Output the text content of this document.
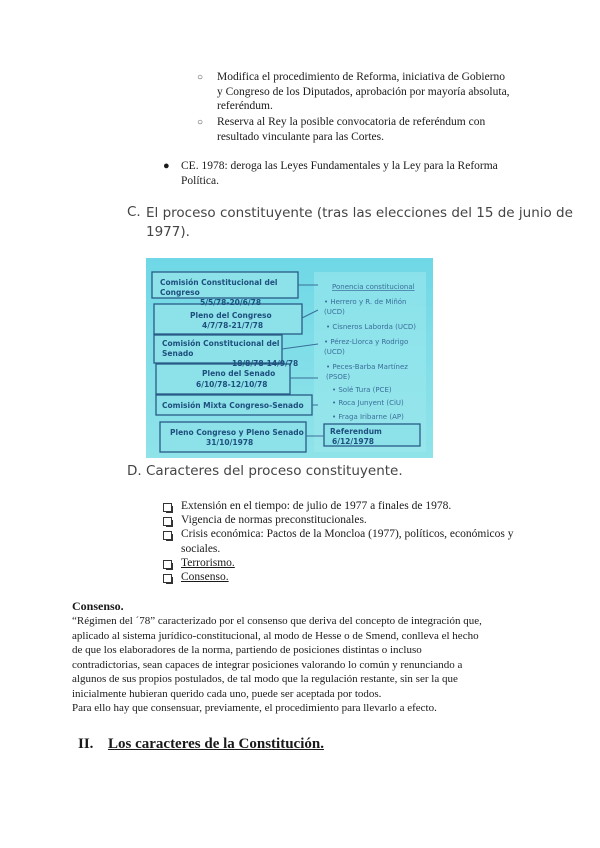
○ Modifica el procedimiento de Reforma, iniciativa de Gobierno
y Congreso de los Diputados, aprobación por mayoría absoluta,
referéndum.
○ Reserva al Rey la posible convocatoria de referéndum con
resultado vinculante para las Cortes.
● CE. 1978: deroga las Leyes Fundamentales y la Ley para la Reforma
Política.
C. El proceso constituyente (tras las elecciones del 15 de junio de
1977).
Comisión Constitucional del
Congreso
5/5/78-20/6/78
Pleno del Congreso
4/7/78-21/7/78
Comisión Constitucional del
Senado
18/8/78-14/9/78
Pleno del Senado
6/10/78-12/10/78
Comisión Mixta Congreso-Senado
Pleno Congreso y Pleno Senado
31/10/1978
Ponencia constitucional
• Herrero y R. de Miñón
(UCD)
• Cisneros Laborda (UCD)
• Pérez-Llorca y Rodrigo
(UCD)
• Peces-Barba Martínez
(PSOE)
• Solé Tura (PCE)
• Roca Junyent (CiU)
• Fraga Iribarne (AP)
Referendum
6/12/1978
D. Caracteres del proceso constituyente.
Extensión en el tiempo: de julio de 1977 a finales de 1978.
Vigencia de normas preconstitucionales.
Crisis económica: Pactos de la Moncloa (1977), políticos, económicos y
sociales.
Terrorismo.
Consenso.
Consenso.
“Régimen del ´78” caracterizado por el consenso que deriva del concepto de integración que,
aplicado al sistema jurídico-constitucional, al modo de Hesse o de Smend, conlleva el hecho
de que los elaboradores de la norma, partiendo de posiciones distintas o incluso
contradictorias, sean capaces de integrar posiciones valorando lo común y renunciando a
algunos de sus propios postulados, de tal modo que la regulación restante, sin ser la que
inicialmente hubieran querido cada uno, puede ser aceptada por todos.
Para ello hay que consensuar, previamente, el procedimiento para llevarlo a efecto.
II. Los caracteres de la Constitución.
